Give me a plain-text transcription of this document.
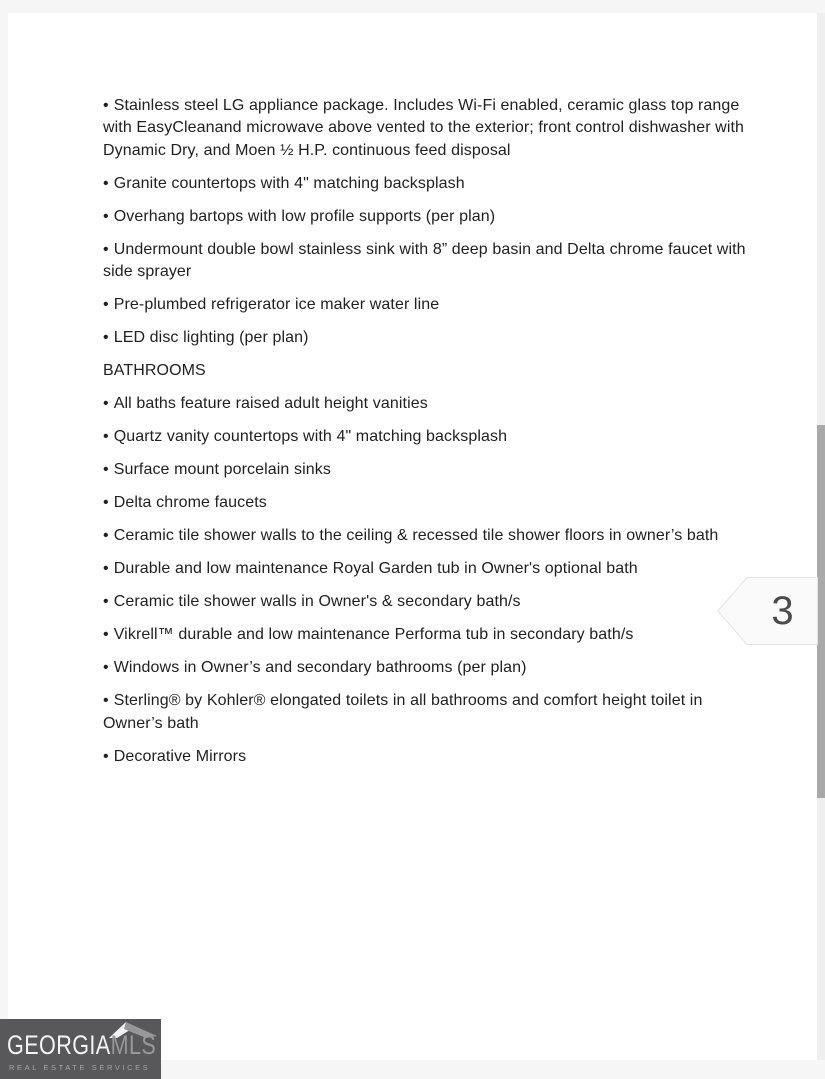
• Stainless steel LG appliance package. Includes Wi-Fi enabled, ceramic glass top range with EasyCleanand microwave above vented to the exterior; front control dishwasher with Dynamic Dry, and Moen ½ H.P. continuous feed disposal

• Granite countertops with 4" matching backsplash

• Overhang bartops with low profile supports (per plan)

• Undermount double bowl stainless sink with 8” deep basin and Delta chrome faucet with side sprayer

• Pre-plumbed refrigerator ice maker water line

• LED disc lighting (per plan)

BATHROOMS

• All baths feature raised adult height vanities

• Quartz vanity countertops with 4" matching backsplash

• Surface mount porcelain sinks

• Delta chrome faucets

• Ceramic tile shower walls to the ceiling & recessed tile shower floors in owner’s bath

• Durable and low maintenance Royal Garden tub in Owner's optional bath

• Ceramic tile shower walls in Owner's & secondary bath/s

• Vikrell™ durable and low maintenance Performa tub in secondary bath/s

• Windows in Owner’s and secondary bathrooms (per plan)

• Sterling® by Kohler® elongated toilets in all bathrooms and comfort height toilet in Owner’s bath

• Decorative Mirrors

3
GEORGIAMLS
REAL ESTATE SERVICES
